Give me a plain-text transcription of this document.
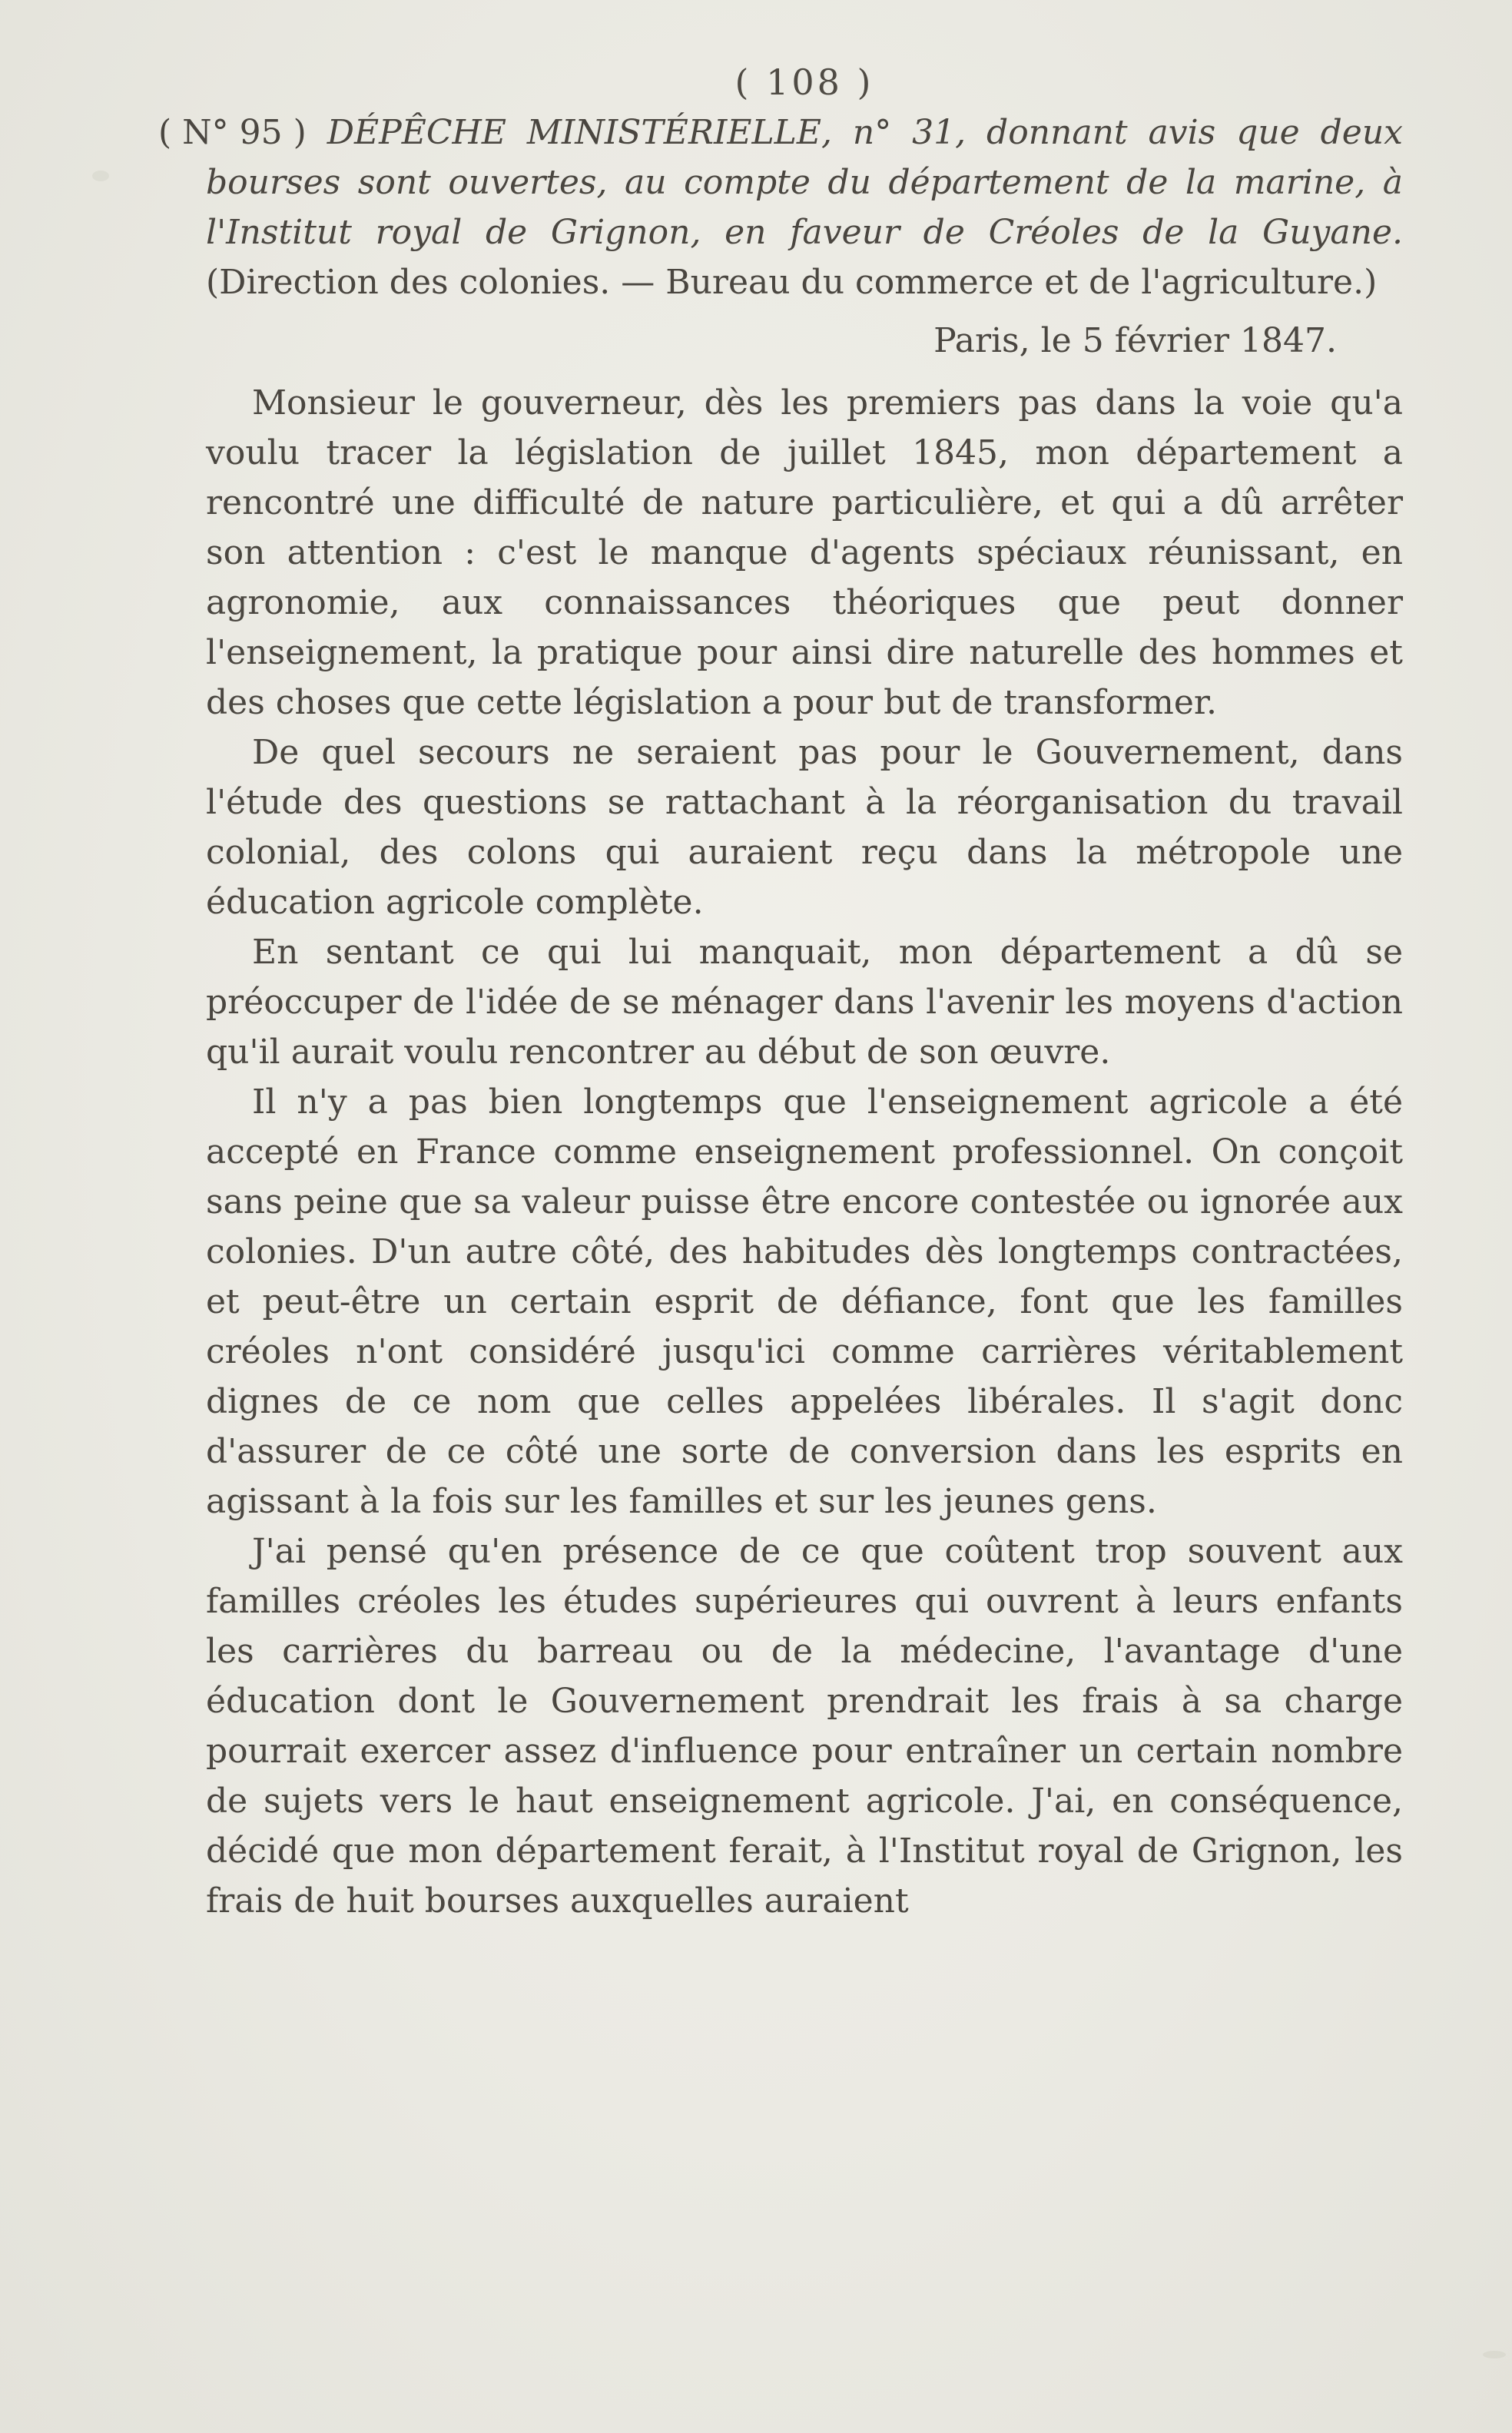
( 108 )

( N° 95 ) DÉPÊCHE MINISTÉRIELLE, n° 31, donnant avis que deux bourses sont ouvertes, au compte du département de la marine, à l'Institut royal de Grignon, en faveur de Créoles de la Guyane. (Direction des colonies. — Bureau du commerce et de l'agriculture.)

Paris, le 5 février 1847.

Monsieur le gouverneur, dès les premiers pas dans la voie qu'a voulu tracer la législation de juillet 1845, mon département a rencontré une difficulté de nature particulière, et qui a dû arrêter son attention : c'est le manque d'agents spéciaux réunissant, en agronomie, aux connaissances théoriques que peut donner l'enseignement, la pratique pour ainsi dire naturelle des hommes et des choses que cette législation a pour but de transformer.

De quel secours ne seraient pas pour le Gouvernement, dans l'étude des questions se rattachant à la réorganisation du travail colonial, des colons qui auraient reçu dans la métropole une éducation agricole complète.

En sentant ce qui lui manquait, mon département a dû se préoccuper de l'idée de se ménager dans l'avenir les moyens d'action qu'il aurait voulu rencontrer au début de son œuvre.

Il n'y a pas bien longtemps que l'enseignement agricole a été accepté en France comme enseignement professionnel. On conçoit sans peine que sa valeur puisse être encore contestée ou ignorée aux colonies. D'un autre côté, des habitudes dès longtemps contractées, et peut-être un certain esprit de défiance, font que les familles créoles n'ont considéré jusqu'ici comme carrières véritablement dignes de ce nom que celles appelées libérales. Il s'agit donc d'assurer de ce côté une sorte de conversion dans les esprits en agissant à la fois sur les familles et sur les jeunes gens.

J'ai pensé qu'en présence de ce que coûtent trop souvent aux familles créoles les études supérieures qui ouvrent à leurs enfants les carrières du barreau ou de la médecine, l'avantage d'une éducation dont le Gouvernement prendrait les frais à sa charge pourrait exercer assez d'influence pour entraîner un certain nombre de sujets vers le haut enseignement agricole. J'ai, en conséquence, décidé que mon département ferait, à l'Institut royal de Grignon, les frais de huit bourses auxquelles auraient
